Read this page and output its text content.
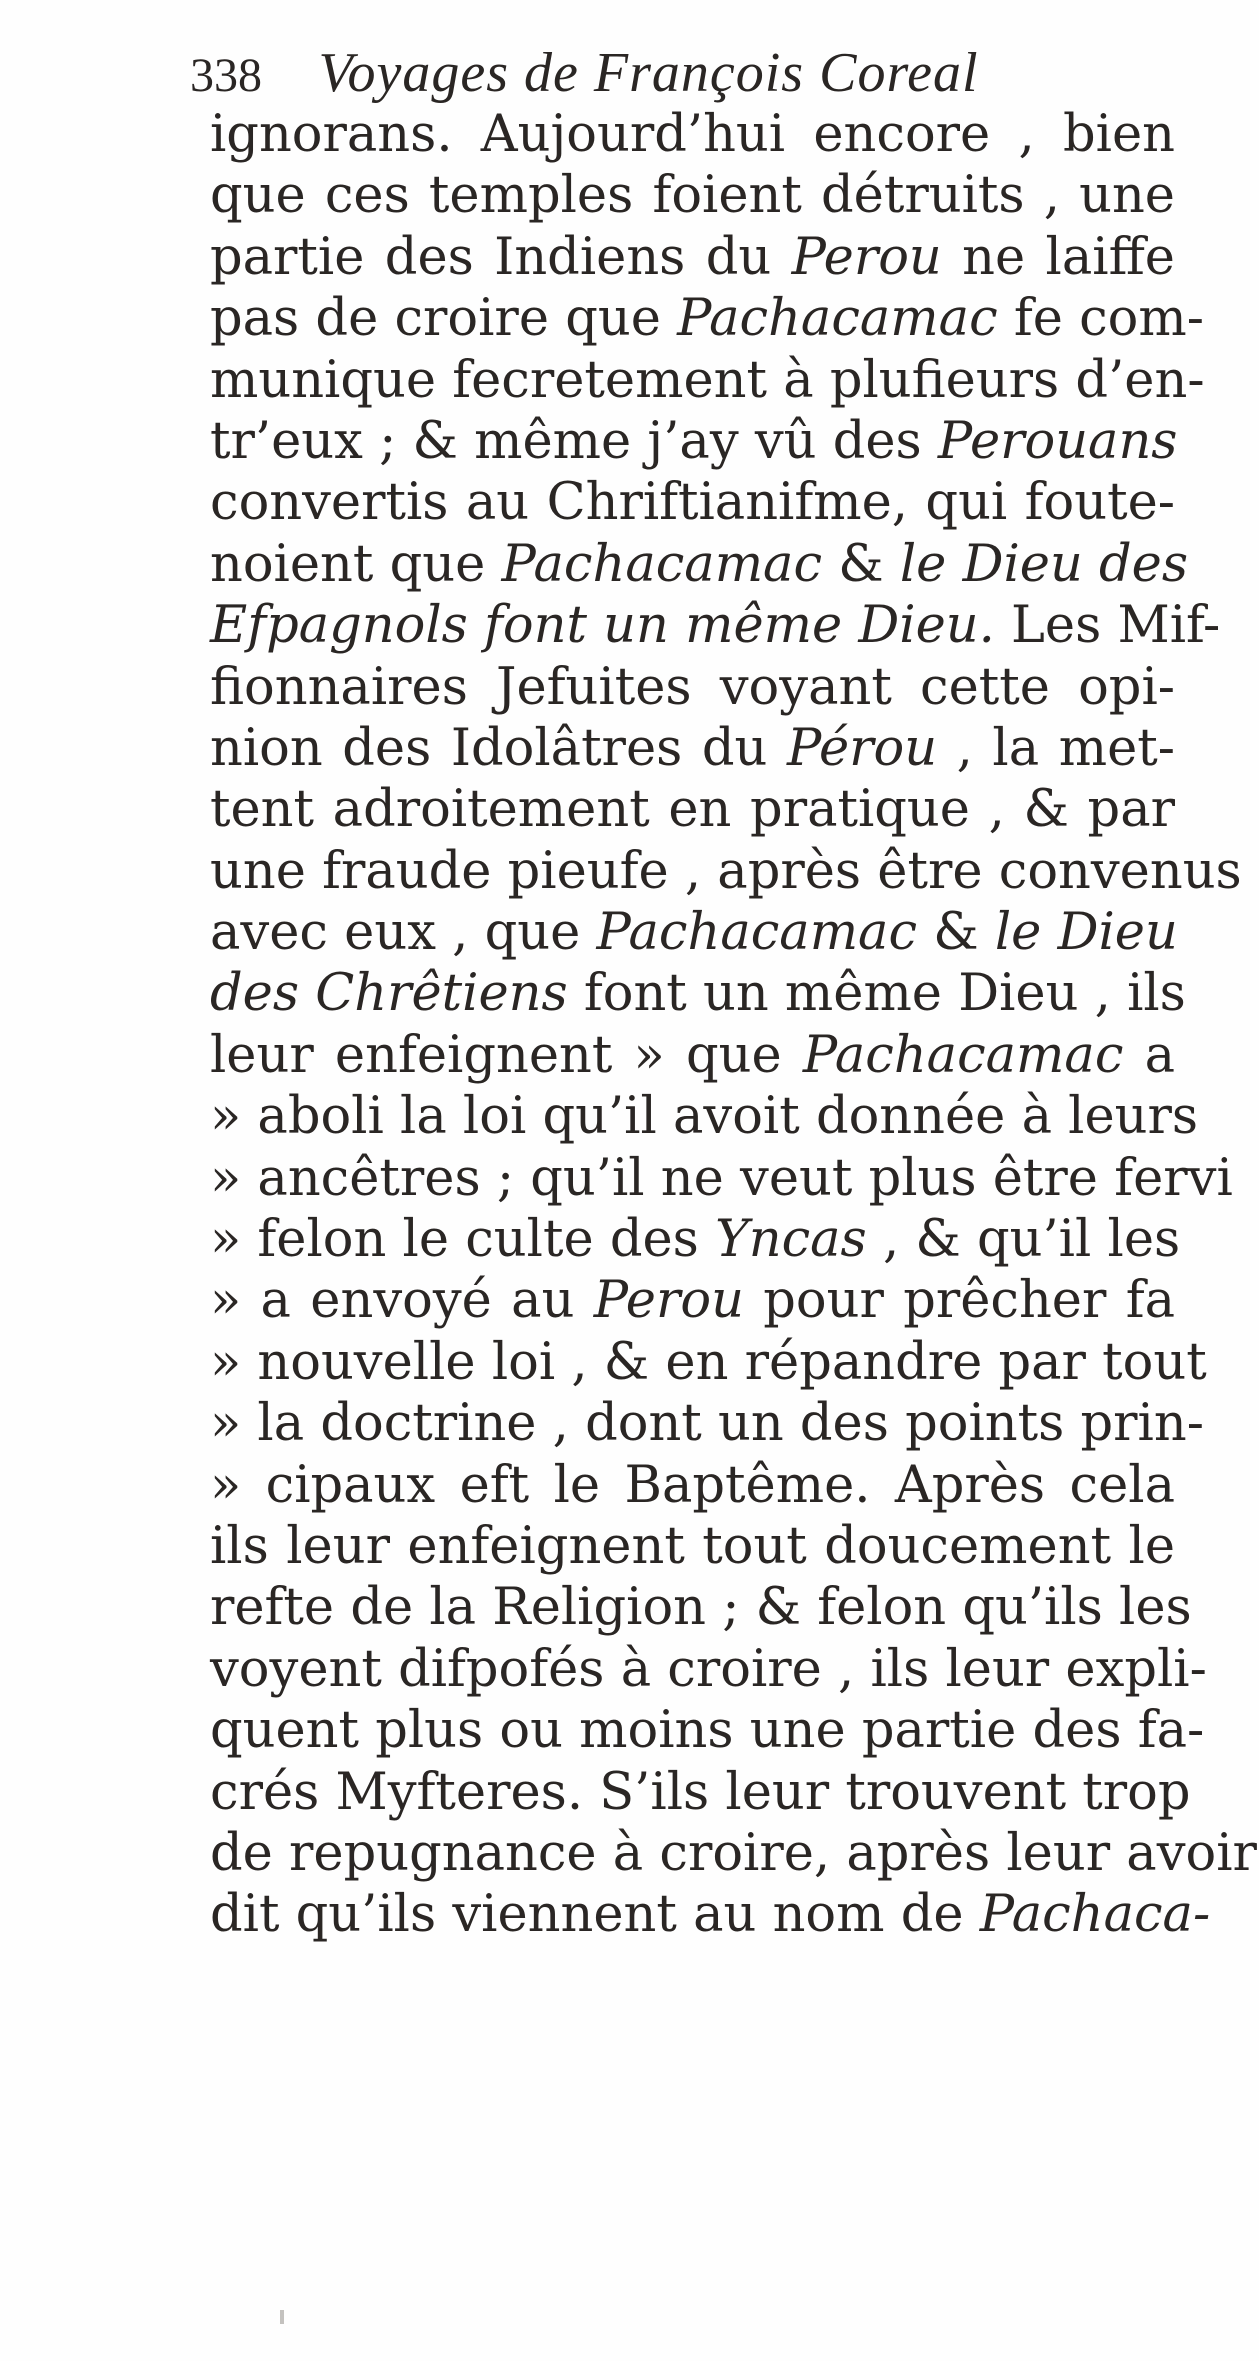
338 Voyages de François Coreal
ignorans. Aujourd’hui encore , bien
que ces temples foient détruits , une
partie des Indiens du Perou ne laiffe
pas de croire que Pachacamac fe com-
munique fecretement à plufieurs d’en-
tr’eux ; & même j’ay vû des Perouans
convertis au Chriftianifme, qui foute-
noient que Pachacamac & le Dieu des
Efpagnols font un même Dieu. Les Mif-
fionnaires Jefuites voyant cette opi-
nion des Idolâtres du Pérou , la met-
tent adroitement en pratique , & par
une fraude pieufe , après être convenus
avec eux , que Pachacamac & le Dieu
des Chrêtiens font un même Dieu , ils
leur enfeignent » que Pachacamac a
» aboli la loi qu’il avoit donnée à leurs
» ancêtres ; qu’il ne veut plus être fervi
» felon le culte des Yncas , & qu’il les
» a envoyé au Perou pour prêcher fa
» nouvelle loi , & en répandre par tout
» la doctrine , dont un des points prin-
» cipaux eft le Baptême. Après cela
ils leur enfeignent tout doucement le
refte de la Religion ; & felon qu’ils les
voyent difpofés à croire , ils leur expli-
quent plus ou moins une partie des fa-
crés Myfteres. S’ils leur trouvent trop
de repugnance à croire, après leur avoir
dit qu’ils viennent au nom de Pachaca-
